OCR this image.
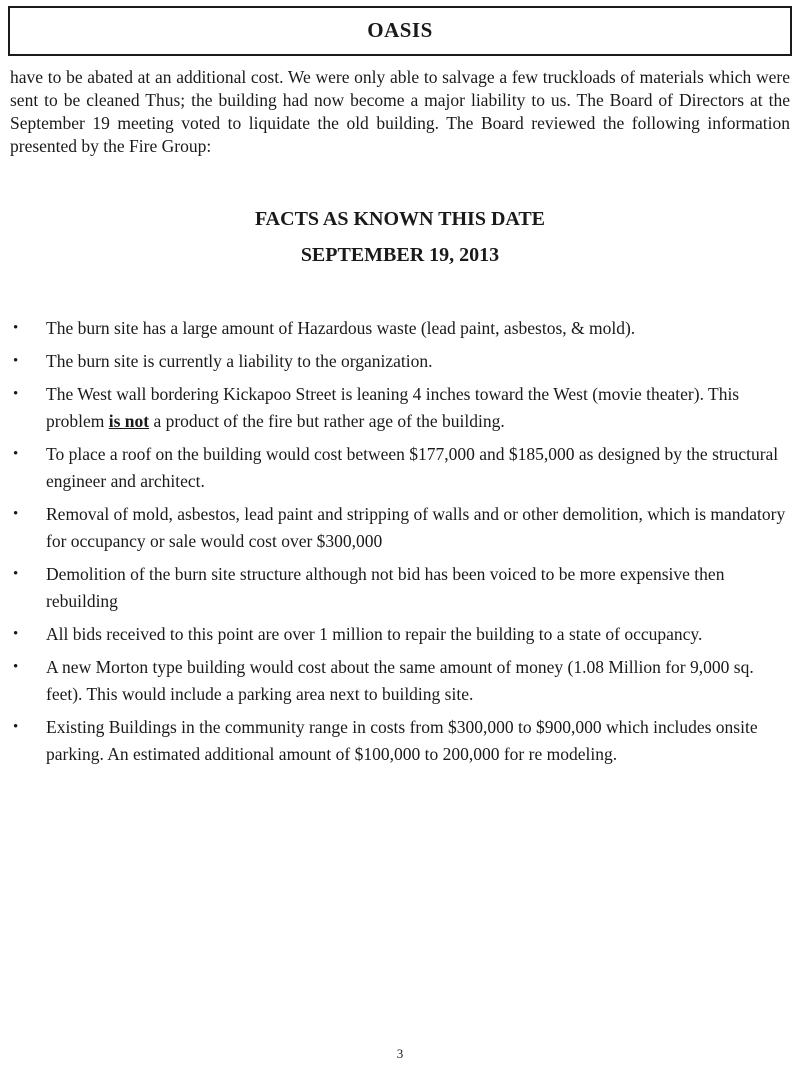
OASIS

have to be abated at an additional cost. We were only able to salvage a few truckloads of materials which were sent to be cleaned Thus; the building had now become a major liability to us. The Board of Directors at the September 19 meeting voted to liquidate the old building. The Board reviewed the following information presented by the Fire Group:

FACTS AS KNOWN THIS DATE
SEPTEMBER 19, 2013
•	The burn site has a large amount of Hazardous waste (lead paint, asbestos, & mold).
•	The burn site is currently a liability to the organization.
•	The West wall bordering Kickapoo Street is leaning 4 inches toward the West (movie theater). This problem is not a product of the fire but rather age of the building.
•	To place a roof on the building would cost between $177,000 and $185,000 as designed by the structural engineer and architect.
•	Removal of mold, asbestos, lead paint and stripping of walls and or other demolition, which is mandatory for occupancy or sale would cost over $300,000
•	Demolition of the burn site structure although not bid has been voiced to be more expensive then rebuilding
•	All bids received to this point are over 1 million to repair the building to a state of occupancy.
•	A new Morton type building would cost about the same amount of money (1.08 Million for 9,000 sq. feet). This would include a parking area next to building site.
•	Existing Buildings in the community range in costs from $300,000 to $900,000 which includes onsite parking. An estimated additional amount of $100,000 to 200,000 for re modeling.
3
